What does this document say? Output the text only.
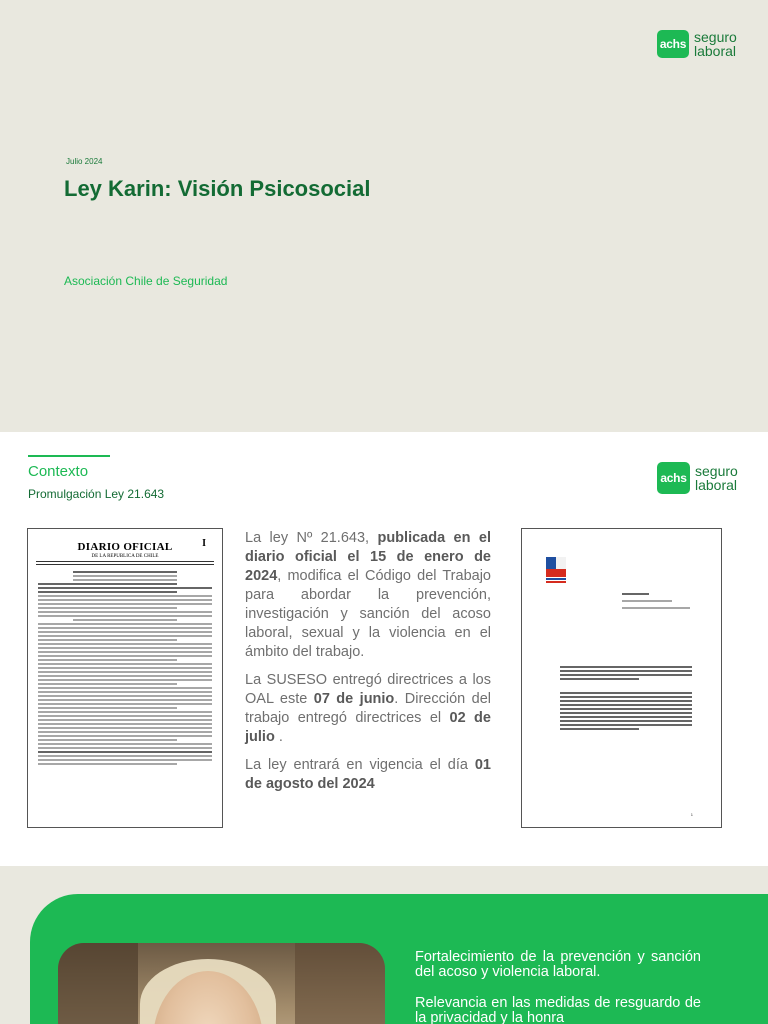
achs seguro
laboral
Julio 2024
Ley Karin: Visión Psicosocial
Asociación Chile de Seguridad
Contexto
Promulgación Ley 21.643
achs seguro
laboral
I
DIARIO OFICIAL
DE LA REPUBLICA DE CHILE

La ley Nº 21.643, publicada en el diario oficial el 15 de enero de 2024, modifica el Código del Trabajo para abordar la prevención, investigación y sanción del acoso laboral, sexual y la violencia en el ámbito del trabajo.

La SUSESO entregó directrices a los OAL este 07 de junio. Dirección del trabajo entregó directrices el 02 de julio .

La ley entrará en vigencia el día 01 de agosto del 2024

1
Fortalecimiento de la prevención y sanción del acoso y violencia laboral.
Relevancia en las medidas de resguardo de la privacidad y la honra
